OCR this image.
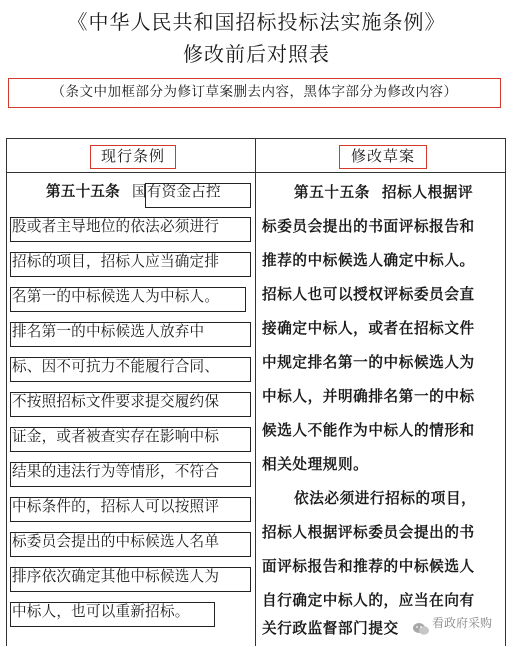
《中华人民共和国招标投标法实施条例》
修改前后对照表
（条文中加框部分为修订草案删去内容，黑体字部分为修改内容）
现行条例	修改草案
第五十五条 国有资金占控
股或者主导地位的依法必须进行
招标的项目，招标人应当确定排
名第一的中标候选人为中标人。
排名第一的中标候选人放弃中
标、因不可抗力不能履行合同、
不按照招标文件要求提交履约保
证金，或者被查实存在影响中标
结果的违法行为等情形，不符合
中标条件的，招标人可以按照评
标委员会提出的中标候选人名单
排序依次确定其他中标候选人为
中标人，也可以重新招标。
第五十五条 招标人根据评
标委员会提出的书面评标报告和
推荐的中标候选人确定中标人。
招标人也可以授权评标委员会直
接确定中标人，或者在招标文件
中规定排名第一的中标候选人为
中标人，并明确排名第一的中标
候选人不能作为中标人的情形和
相关处理规则。
依法必须进行招标的项目，
招标人根据评标委员会提出的书
面评标报告和推荐的中标候选人
自行确定中标人的，应当在向有
关行政监督部门提交	看政府采购
